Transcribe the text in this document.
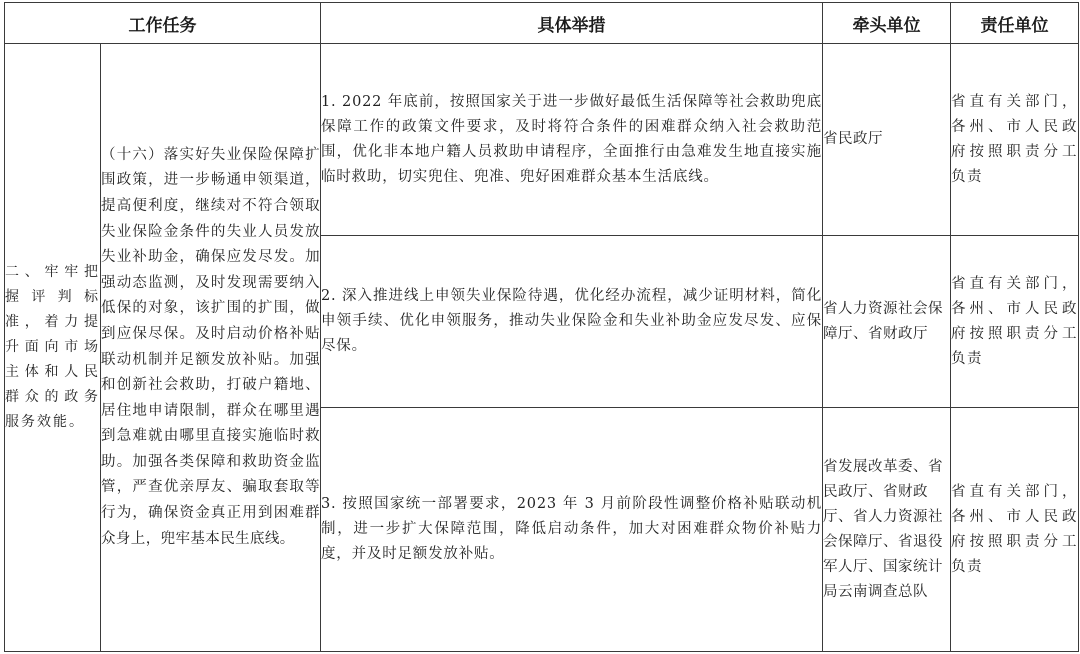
工作任务		具体举措	牵头单位	责任单位
二、牢牢把握评判标准，着力提升面向市场主体和人民群众的政务服务效能。	（十六）落实好失业保险保障扩围政策，进一步畅通申领渠道，提高便利度，继续对不符合领取失业保险金条件的失业人员发放失业补助金，确保应发尽发。加强动态监测，及时发现需要纳入低保的对象，该扩围的扩围，做到应保尽保。及时启动价格补贴联动机制并足额发放补贴。加强和创新社会救助，打破户籍地、居住地申请限制，群众在哪里遇到急难就由哪里直接实施临时救助。加强各类保障和救助资金监管，严查优亲厚友、骗取套取等行为，确保资金真正用到困难群众身上，兜牢基本民生底线。	1. 2022 年底前，按照国家关于进一步做好最低生活保障等社会救助兜底保障工作的政策文件要求，及时将符合条件的困难群众纳入社会救助范围，优化非本地户籍人员救助申请程序，全面推行由急难发生地直接实施临时救助，切实兜住、兜准、兜好困难群众基本生活底线。	省民政厅	省直有关部门，各州、市人民政府按照职责分工负责
		2. 深入推进线上申领失业保险待遇，优化经办流程，减少证明材料，简化申领手续、优化申领服务，推动失业保险金和失业补助金应发尽发、应保尽保。	省人力资源社会保障厅、省财政厅	省直有关部门，各州、市人民政府按照职责分工负责
		3. 按照国家统一部署要求，2023 年 3 月前阶段性调整价格补贴联动机制，进一步扩大保障范围，降低启动条件，加大对困难群众物价补贴力度，并及时足额发放补贴。	省发展改革委、省民政厅、省财政厅、省人力资源社会保障厅、省退役军人厅、国家统计局云南调查总队	省直有关部门，各州、市人民政府按照职责分工负责
